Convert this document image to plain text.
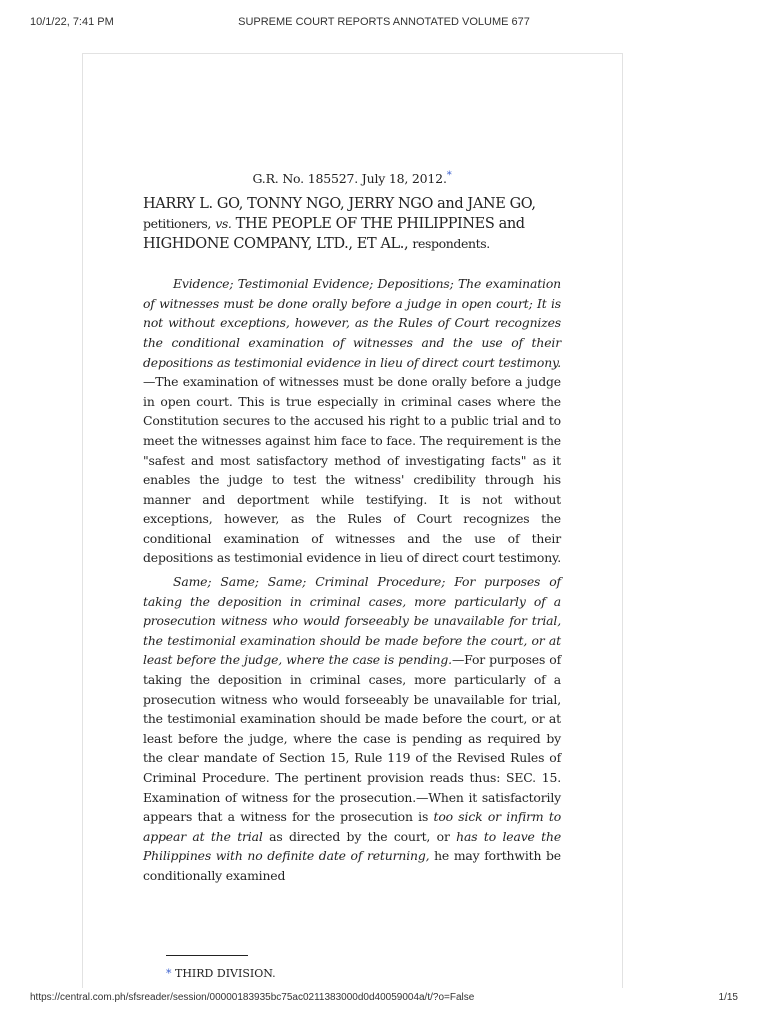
10/1/22, 7:41 PM	SUPREME COURT REPORTS ANNOTATED VOLUME 677

G.R. No. 185527. July 18, 2012.*

HARRY L. GO, TONNY NGO, JERRY NGO and JANE GO, petitioners, vs. THE PEOPLE OF THE PHILIPPINES and HIGHDONE COMPANY, LTD., ET AL., respondents.

Evidence; Testimonial Evidence; Depositions; The examination of witnesses must be done orally before a judge in open court; It is not without exceptions, however, as the Rules of Court recognizes the conditional examination of witnesses and the use of their depositions as testimonial evidence in lieu of direct court testimony.—The examination of witnesses must be done orally before a judge in open court. This is true especially in criminal cases where the Constitution secures to the accused his right to a public trial and to meet the witnesses against him face to face. The requirement is the "safest and most satisfactory method of investigating facts" as it enables the judge to test the witness' credibility through his manner and deportment while testifying. It is not without exceptions, however, as the Rules of Court recognizes the conditional examination of witnesses and the use of their depositions as testimonial evidence in lieu of direct court testimony.

Same; Same; Same; Criminal Procedure; For purposes of taking the deposition in criminal cases, more particularly of a prosecution witness who would forseeably be unavailable for trial, the testimonial examination should be made before the court, or at least before the judge, where the case is pending.—For purposes of taking the deposition in criminal cases, more particularly of a prosecution witness who would forseeably be unavailable for trial, the testimonial examination should be made before the court, or at least before the judge, where the case is pending as required by the clear mandate of Section 15, Rule 119 of the Revised Rules of Criminal Procedure. The pertinent provision reads thus: SEC. 15. Examination of witness for the prosecution.—When it satisfactorily appears that a witness for the prosecution is too sick or infirm to appear at the trial as directed by the court, or has to leave the Philippines with no definite date of returning, he may forthwith be conditionally examined

* THIRD DIVISION.
https://central.com.ph/sfsreader/session/00000183935bc75ac0211383000d0d40059004a/t/?o=False	1/15
